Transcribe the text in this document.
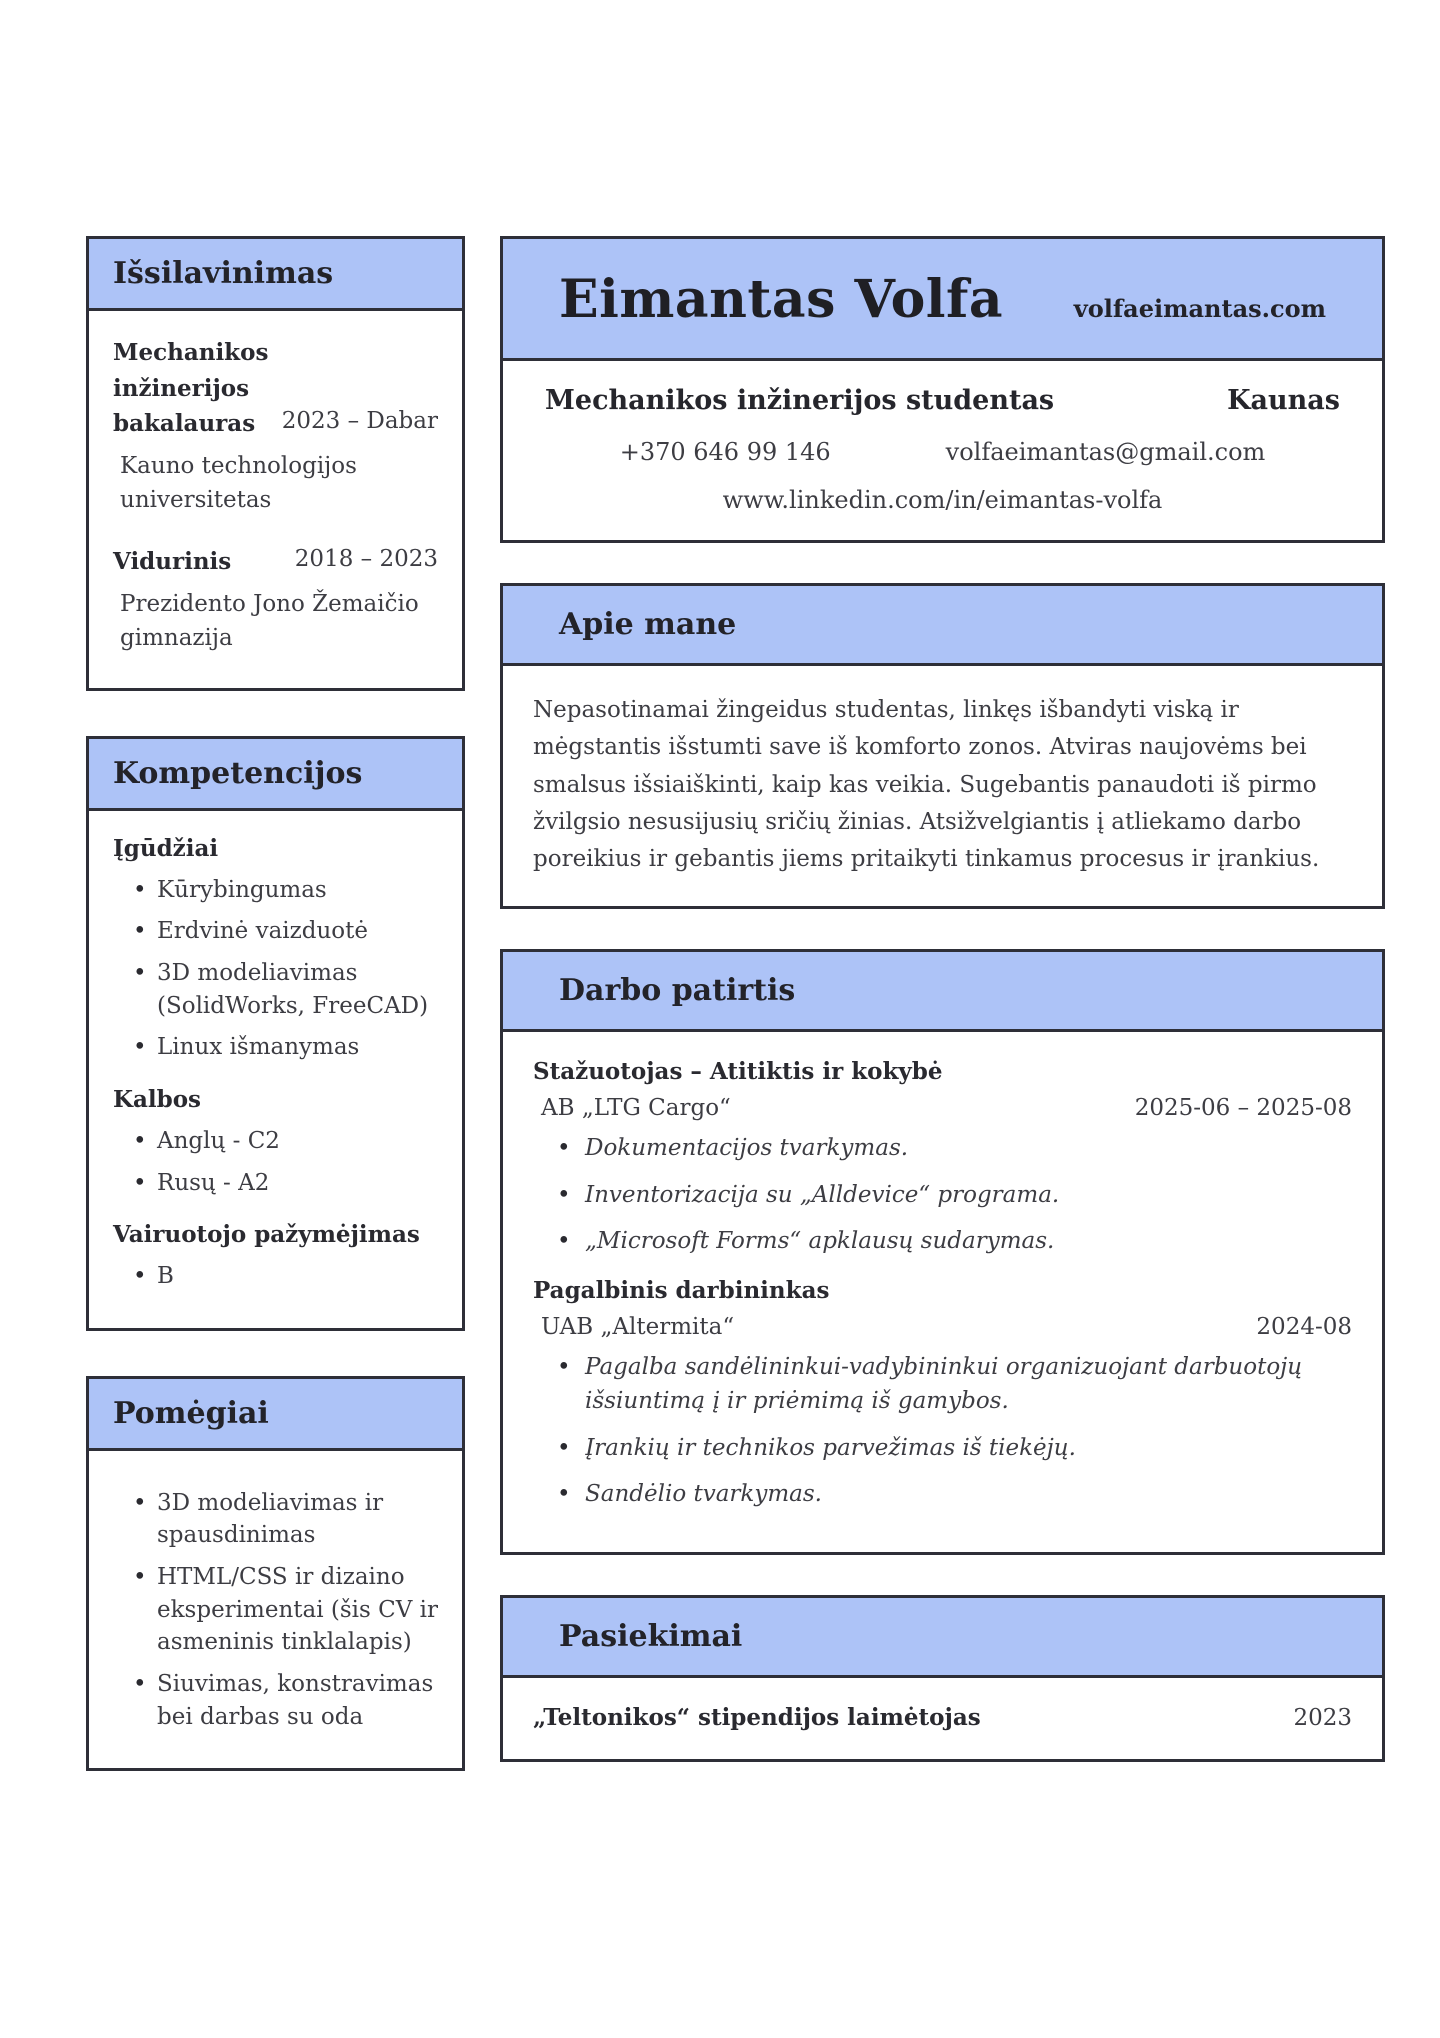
Išsilavinimas
Mechanikos inžinerijos bakalauras	2023 – Dabar
Kauno technologijos universitetas
Vidurinis	2018 – 2023
Prezidento Jono Žemaičio gimnazija
Kompetencijos
Įgūdžiai
• Kūrybingumas
• Erdvinė vaizduotė
• 3D modeliavimas (SolidWorks, FreeCAD)
• Linux išmanymas
Kalbos
• Anglų - C2
• Rusų - A2
Vairuotojo pažymėjimas
• B
Pomėgiai
• 3D modeliavimas ir spausdinimas
• HTML/CSS ir dizaino eksperimentai (šis CV ir asmeninis tinklalapis)
• Siuvimas, konstravimas bei darbas su oda
Eimantas Volfa	volfaeimantas.com
Mechanikos inžinerijos studentas	Kaunas
+370 646 99 146	volfaeimantas@gmail.com
www.linkedin.com/in/eimantas-volfa
Apie mane

Nepasotinamai žingeidus studentas, linkęs išbandyti viską ir mėgstantis išstumti save iš komforto zonos. Atviras naujovėms bei smalsus išsiaiškinti, kaip kas veikia. Sugebantis panaudoti iš pirmo žvilgsio nesusijusių sričių žinias. Atsižvelgiantis į atliekamo darbo poreikius ir gebantis jiems pritaikyti tinkamus procesus ir įrankius.

Darbo patirtis
Stažuotojas – Atitiktis ir kokybė
AB „LTG Cargo“	2025-06 – 2025-08
• Dokumentacijos tvarkymas.
• Inventorizacija su „Alldevice“ programa.
• „Microsoft Forms“ apklausų sudarymas.
Pagalbinis darbininkas
UAB „Altermita“	2024-08
• Pagalba sandėlininkui-vadybininkui organizuojant darbuotojų išsiuntimą į ir priėmimą iš gamybos.
• Įrankių ir technikos parvežimas iš tiekėjų.
• Sandėlio tvarkymas.
Pasiekimai
„Teltonikos“ stipendijos laimėtojas	2023
